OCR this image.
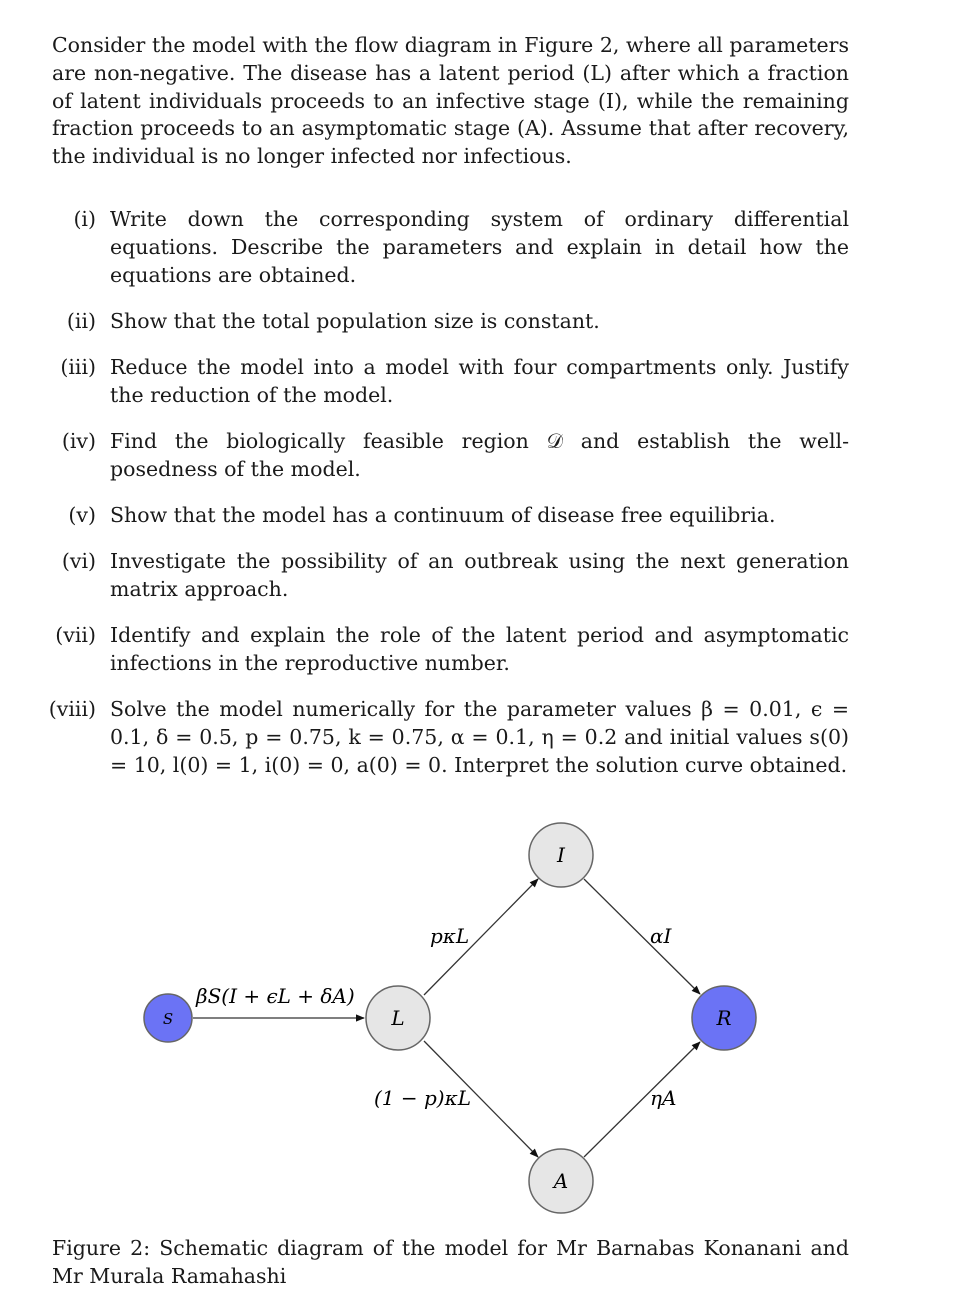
Consider the model with the flow diagram in Figure 2, where all parameters are non-negative. The disease has a latent period (L) after which a fraction of latent individuals proceeds to an infective stage (I), while the remaining fraction proceeds to an asymptomatic stage (A). Assume that after recovery, the individual is no longer infected nor infectious.

(i) Write down the corresponding system of ordinary differential equations. Describe the parameters and explain in detail how the equations are obtained.
(ii) Show that the total population size is constant.
(iii) Reduce the model into a model with four compartments only. Justify the reduction of the model.
(iv) Find the biologically feasible region 𝒟 and establish the well-posedness of the model.
(v) Show that the model has a continuum of disease free equilibria.
(vi) Investigate the possibility of an outbreak using the next generation matrix approach.
(vii) Identify and explain the role of the latent period and asymptomatic infections in the reproductive number.
(viii) Solve the model numerically for the parameter values β = 0.01, ϵ = 0.1, δ = 0.5, p = 0.75, k = 0.75, α = 0.1, η = 0.2 and initial values s(0) = 10, l(0) = 1, i(0) = 0, a(0) = 0. Interpret the solution curve obtained.
S	L
I
A
R
βS(I + ϵL + δA)
pκL
(1 − p)κL
αI
ηA

Figure 2: Schematic diagram of the model for Mr Barnabas Konanani and Mr Murala Ramahashi
